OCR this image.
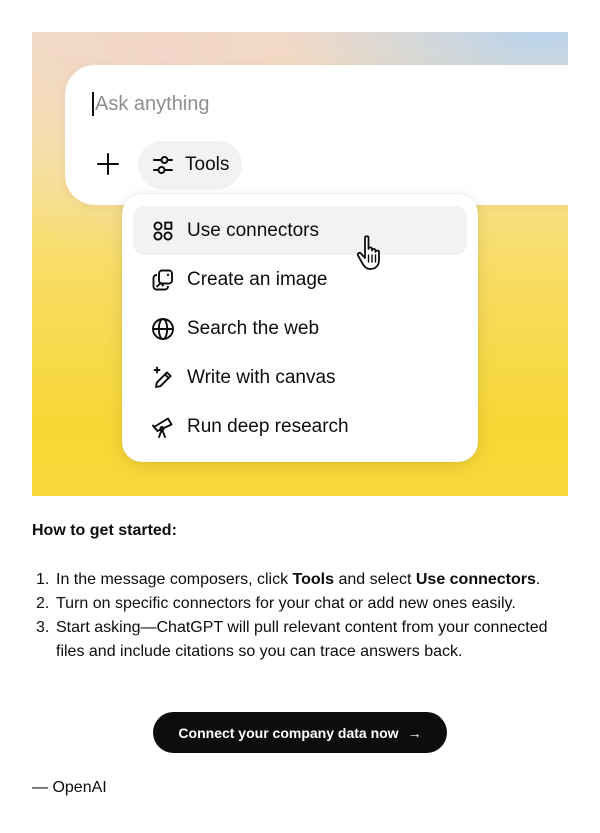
Ask anything
Tools
Use connectors
Create an image
Search the web
Write with canvas
Run deep research
How to get started:
1. In the message composers, click Tools and select Use connectors.
2. Turn on specific connectors for your chat or add new ones easily.
3. Start asking—ChatGPT will pull relevant content from your connected files and include citations so you can trace answers back.
Connect your company data now →
— OpenAI
